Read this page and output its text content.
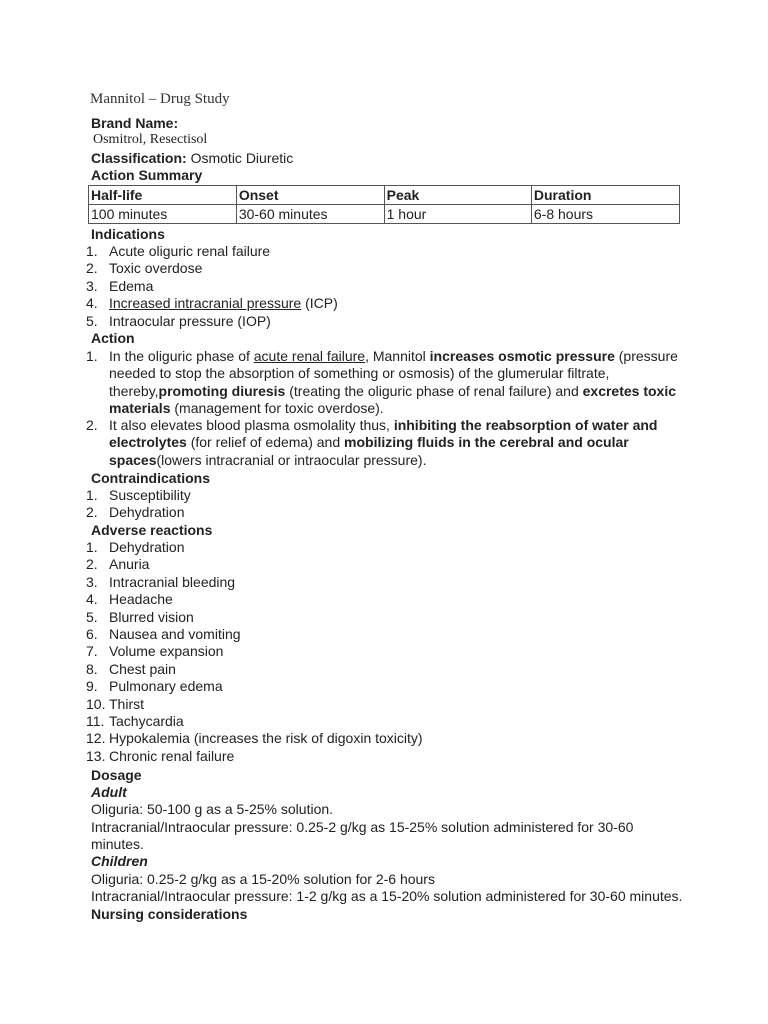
Mannitol – Drug Study
Brand Name:
Osmitrol, Resectisol
Classification: Osmotic Diuretic
Action Summary
Half-life	Onset	Peak	Duration
100 minutes	30-60 minutes	1 hour	6-8 hours
Indications
1. Acute oliguric renal failure
2. Toxic overdose
3. Edema
4. Increased intracranial pressure (ICP)
5. Intraocular pressure (IOP)
Action
1. In the oliguric phase of acute renal failure, Mannitol increases osmotic pressure (pressure needed to stop the absorption of something or osmosis) of the glumerular filtrate, thereby,promoting diuresis (treating the oliguric phase of renal failure) and excretes toxic materials (management for toxic overdose).
2. It also elevates blood plasma osmolality thus, inhibiting the reabsorption of water and electrolytes (for relief of edema) and mobilizing fluids in the cerebral and ocular spaces(lowers intracranial or intraocular pressure).
Contraindications
1. Susceptibility
2. Dehydration
Adverse reactions
1. Dehydration
2. Anuria
3. Intracranial bleeding
4. Headache
5. Blurred vision
6. Nausea and vomiting
7. Volume expansion
8. Chest pain
9. Pulmonary edema
10. Thirst
11. Tachycardia
12. Hypokalemia (increases the risk of digoxin toxicity)
13. Chronic renal failure
Dosage
Adult
Oliguria: 50-100 g as a 5-25% solution.
Intracranial/Intraocular pressure: 0.25-2 g/kg as 15-25% solution administered for 30-60
minutes.
Children
Oliguria: 0.25-2 g/kg as a 15-20% solution for 2-6 hours
Intracranial/Intraocular pressure: 1-2 g/kg as a 15-20% solution administered for 30-60 minutes.
Nursing considerations
